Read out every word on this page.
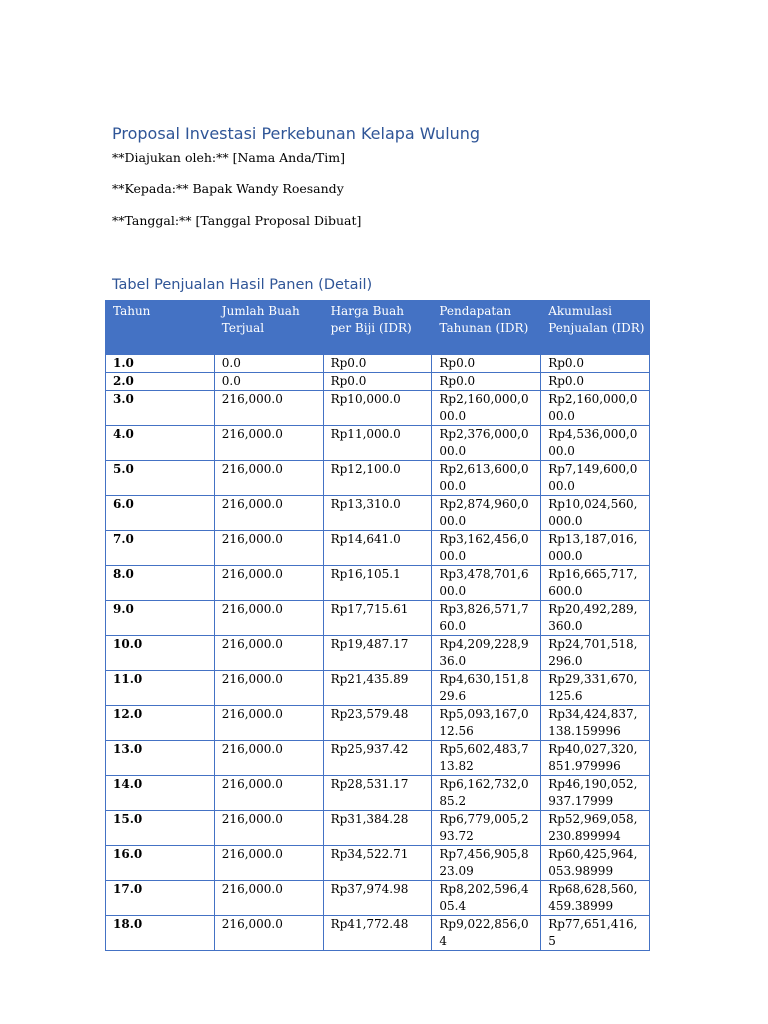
Proposal Investasi Perkebunan Kelapa Wulung

**Diajukan oleh:** [Nama Anda/Tim]

**Kepada:** Bapak Wandy Roesandy

**Tanggal:** [Tanggal Proposal Dibuat]

Tabel Penjualan Hasil Panen (Detail)
Tahun	Jumlah Buah Terjual	Harga Buah per Biji (IDR)	Pendapatan Tahunan (IDR)	Akumulasi Penjualan (IDR)
1.0	0.0	Rp0.0	Rp0.0	Rp0.0
2.0	0.0	Rp0.0	Rp0.0	Rp0.0
3.0	216,000.0	Rp10,000.0	Rp2,160,000,000.0	Rp2,160,000,000.0
4.0	216,000.0	Rp11,000.0	Rp2,376,000,000.0	Rp4,536,000,000.0
5.0	216,000.0	Rp12,100.0	Rp2,613,600,000.0	Rp7,149,600,000.0
6.0	216,000.0	Rp13,310.0	Rp2,874,960,000.0	Rp10,024,560,000.0
7.0	216,000.0	Rp14,641.0	Rp3,162,456,000.0	Rp13,187,016,000.0
8.0	216,000.0	Rp16,105.1	Rp3,478,701,600.0	Rp16,665,717,600.0
9.0	216,000.0	Rp17,715.61	Rp3,826,571,760.0	Rp20,492,289,360.0
10.0	216,000.0	Rp19,487.17	Rp4,209,228,936.0	Rp24,701,518,296.0
11.0	216,000.0	Rp21,435.89	Rp4,630,151,829.6	Rp29,331,670,125.6
12.0	216,000.0	Rp23,579.48	Rp5,093,167,012.56	Rp34,424,837,138.159996
13.0	216,000.0	Rp25,937.42	Rp5,602,483,713.82	Rp40,027,320,851.979996
14.0	216,000.0	Rp28,531.17	Rp6,162,732,085.2	Rp46,190,052,937.17999
15.0	216,000.0	Rp31,384.28	Rp6,779,005,293.72	Rp52,969,058,230.899994
16.0	216,000.0	Rp34,522.71	Rp7,456,905,823.09	Rp60,425,964,053.98999
17.0	216,000.0	Rp37,974.98	Rp8,202,596,405.4	Rp68,628,560,459.38999
18.0	216,000.0	Rp41,772.48	Rp9,022,856,04	Rp77,651,416,5
